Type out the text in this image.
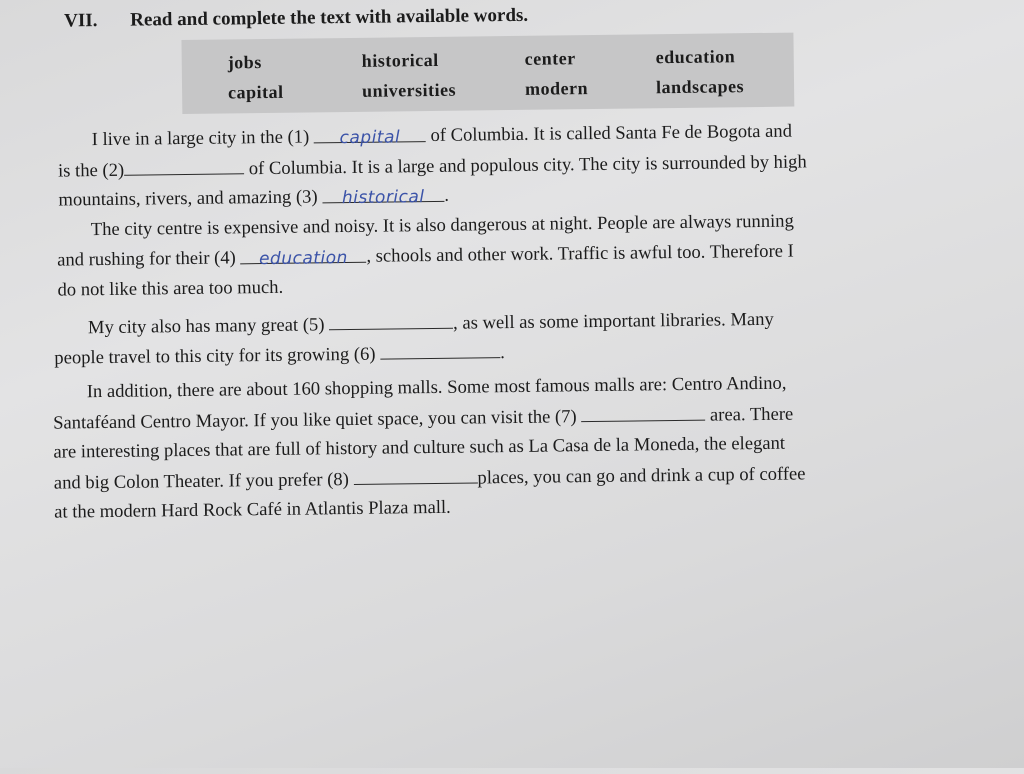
VII. Read and complete the text with available words.
jobs	historical	center	education
capital	universities	modern	landscapes
I live in a large city in the (1) capital of Columbia. It is called Santa Fe de Bogota and
is the (2)	of Columbia. It is a large and populous city. The city is surrounded by high
mountains, rivers, and amazing (3) historical .
The city centre is expensive and noisy. It is also dangerous at night. People are always running
and rushing for their (4) education , schools and other work. Traffic is awful too. Therefore I
do not like this area too much.
My city also has many great (5)	, as well as some important libraries. Many
people travel to this city for its growing (6)	.
In addition, there are about 160 shopping malls. Some most famous malls are: Centro Andino,
Santaféand Centro Mayor. If you like quiet space, you can visit the (7)	area. There
are interesting places that are full of history and culture such as La Casa de la Moneda, the elegant
and big Colon Theater. If you prefer (8)	places, you can go and drink a cup of coffee
at the modern Hard Rock Café in Atlantis Plaza mall.
